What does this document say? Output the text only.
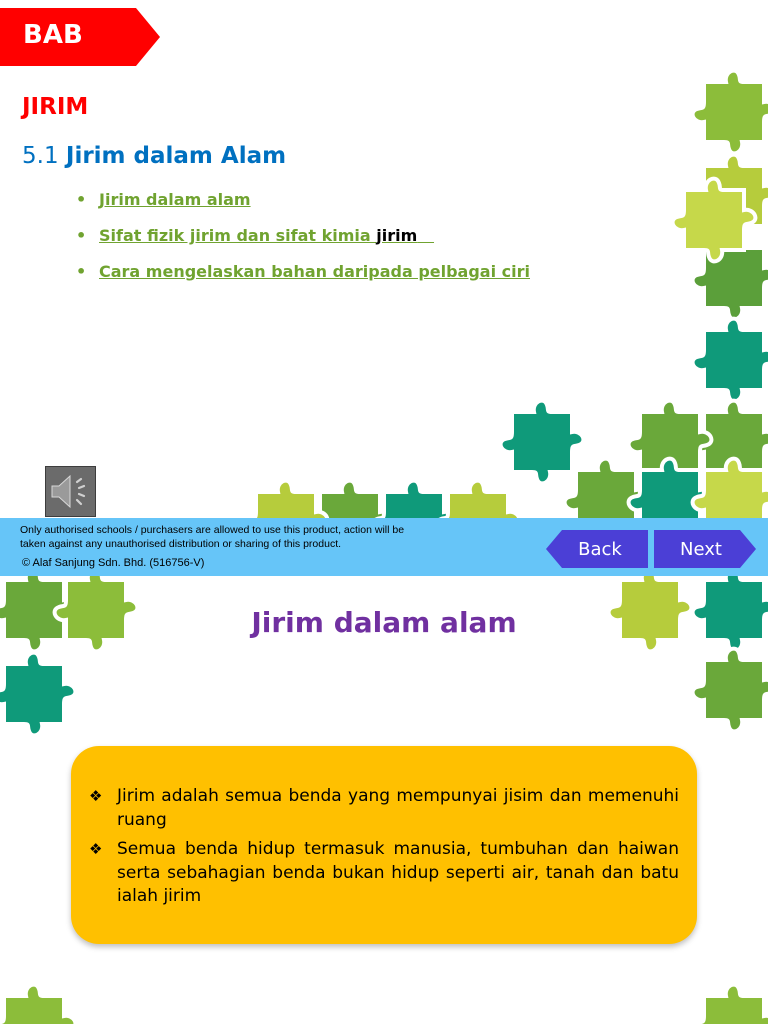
BAB 5
JIRIM
5.1 Jirim dalam Alam
• Jirim dalam alam
• Sifat fizik jirim dan sifat kimia jirim
• Cara mengelaskan bahan daripada pelbagai ciri
Only authorised schools / purchasers are allowed to use this product, action will be taken against any unauthorised distribution or sharing of this product.
© Alaf Sanjung Sdn. Bhd. (516756-V)
Back	Next
Jirim dalam alam
❖ Jirim adalah semua benda yang mempunyai jisim dan memenuhi ruang
❖ Semua benda hidup termasuk manusia, tumbuhan dan haiwan serta sebahagian benda bukan hidup seperti air, tanah dan batu ialah jirim
